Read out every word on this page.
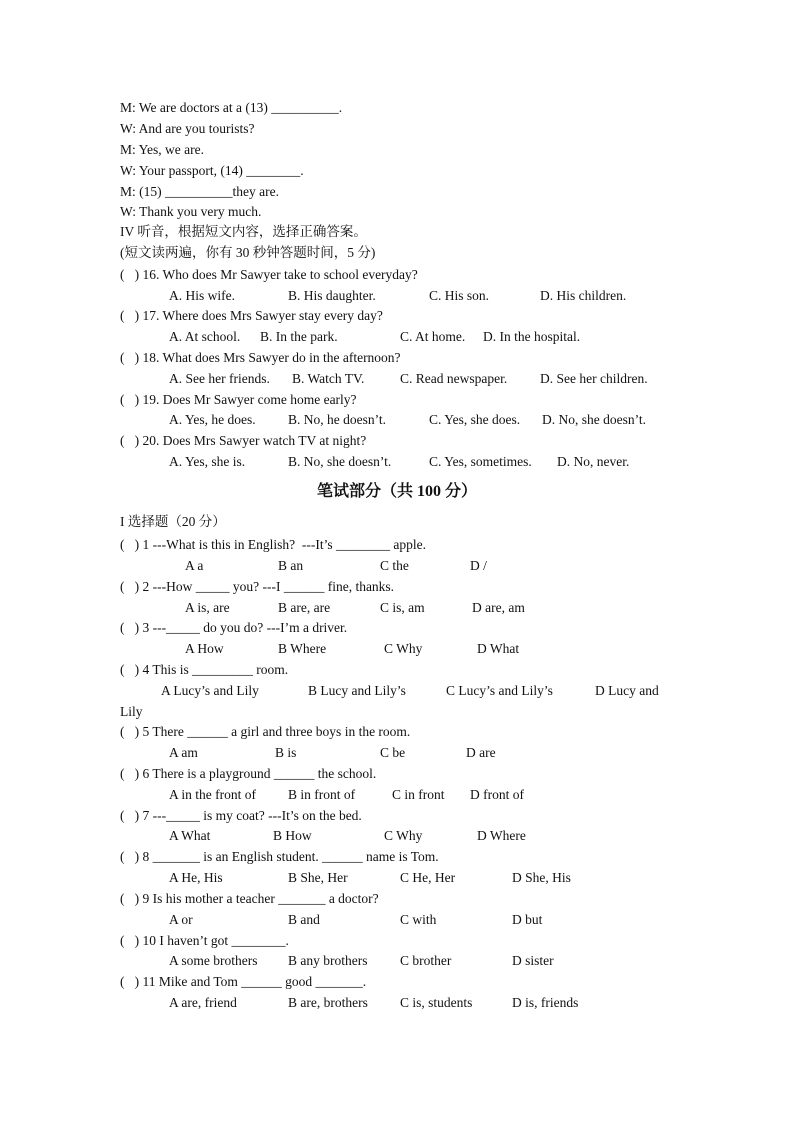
M: We are doctors at a (13) __________.
W: And are you tourists?
M: Yes, we are.
W: Your passport, (14) ________.
M: (15) __________they are.
W: Thank you very much.
IV 听音，根据短文内容，选择正确答案。
(短文读两遍，你有 30 秒钟答题时间，5 分)
(   ) 16. Who does Mr Sawyer take to school everyday?
A. His wife.	B. His daughter.	C. His son.	D. His children.
(   ) 17. Where does Mrs Sawyer stay every day?
A. At school. B. In the park.	C. At home. D. In the hospital.
(   ) 18. What does Mrs Sawyer do in the afternoon?
A. See her friends. B. Watch TV.	C. Read newspaper. D. See her children.
(   ) 19. Does Mr Sawyer come home early?
A. Yes, he does. B. No, he doesn’t.	C. Yes, she does. D. No, she doesn’t.
(   ) 20. Does Mrs Sawyer watch TV at night?
A. Yes, she is.	B. No, she doesn’t.	C. Yes, sometimes. D. No, never.
笔试部分（共 100 分）
I 选择题（20 分）
(   ) 1 ---What is this in English?  ---It’s ________ apple.
A a	B an	C the	D /
(   ) 2 ---How _____ you? ---I ______ fine, thanks.
A is, are	B are, are	C is, am	D are, am
(   ) 3 ---_____ do you do? ---I’m a driver.
A How	B Where	C Why	D What
(   ) 4 This is _________ room.
A Lucy’s and Lily	B Lucy and Lily’s	C Lucy’s and Lily’s	D Lucy and
Lily
(   ) 5 There ______ a girl and three boys in the room.
A am	B is	C be	D are
(   ) 6 There is a playground ______ the school.
A in the front of B in front of	C in front D front of
(   ) 7 ---_____ is my coat? ---It’s on the bed.
A What	B How	C Why	D Where
(   ) 8 _______ is an English student. ______ name is Tom.
A He, His	B She, Her	C He, Her	D She, His
(   ) 9 Is his mother a teacher _______ a doctor?
A or	B and	C with	D but
(   ) 10 I haven’t got ________.
A some brothers B any brothers C brother	D sister
(   ) 11 Mike and Tom ______ good _______.
A are, friend	B are, brothers C is, students	D is, friends
